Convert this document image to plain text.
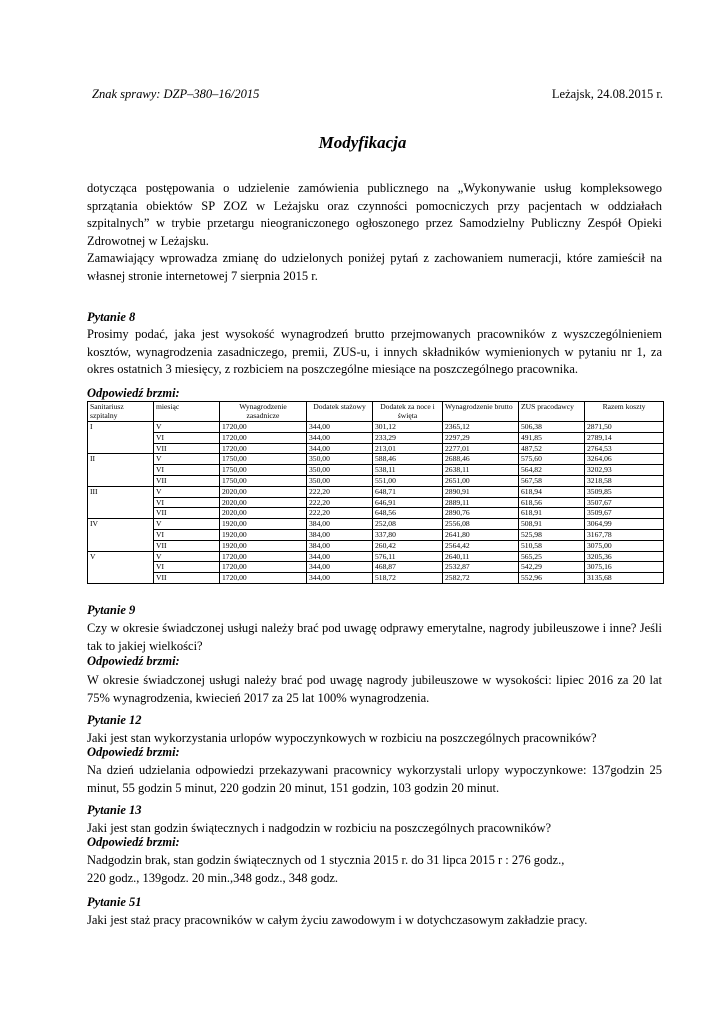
Znak sprawy: DZP–380–16/2015	Leżajsk, 24.08.2015 r.
Modyfikacja

dotycząca postępowania o udzielenie zamówienia publicznego na „Wykonywanie usług kompleksowego sprzątania obiektów SP ZOZ w Leżajsku oraz czynności pomocniczych przy pacjentach w oddziałach szpitalnych” w trybie przetargu nieograniczonego ogłoszonego przez Samodzielny Publiczny Zespół Opieki Zdrowotnej w Leżajsku.

Zamawiający wprowadza zmianę do udzielonych poniżej pytań z zachowaniem numeracji, które zamieścił na własnej stronie internetowej 7 sierpnia 2015 r.

Pytanie 8

Prosimy podać, jaka jest wysokość wynagrodzeń brutto przejmowanych pracowników z wyszczególnieniem kosztów, wynagrodzenia zasadniczego, premii, ZUS-u, i innych składników wymienionych w pytaniu nr 1, za okres ostatnich 3 miesięcy, z rozbiciem na poszczególne miesiące na poszczególnego pracownika.

Odpowiedź brzmi:
Sanitariusz szpitalny	miesiąc	Wynagrodzenie zasadnicze	Dodatek stażowy	Dodatek za noce i święta	Wynagrodzenie brutto	ZUS pracodawcy	Razem koszty
I	V	1720,00	344,00	301,12	2365,12	506,38	2871,50
	VI	1720,00	344,00	233,29	2297,29	491,85	2789,14
	VII	1720,00	344,00	213,01	2277,01	487,52	2764,53
II	V	1750,00	350,00	588,46	2688,46	575,60	3264,06
	VI	1750,00	350,00	538,11	2638,11	564,82	3202,93
	VII	1750,00	350,00	551,00	2651,00	567,58	3218,58
III	V	2020,00	222,20	648,71	2890,91	618,94	3509,85
	VI	2020,00	222,20	646,91	2889,11	618,56	3507,67
	VII	2020,00	222,20	648,56	2890,76	618,91	3509,67
IV	V	1920,00	384,00	252,08	2556,08	508,91	3064,99
	VI	1920,00	384,00	337,80	2641,80	525,98	3167,78
	VII	1920,00	384,00	260,42	2564,42	510,58	3075,00
V	V	1720,00	344,00	576,11	2640,11	565,25	3205,36
	VI	1720,00	344,00	468,87	2532,87	542,29	3075,16
	VII	1720,00	344,00	518,72	2582,72	552,96	3135,68
Pytanie 9

Czy w okresie świadczonej usługi należy brać pod uwagę odprawy emerytalne, nagrody jubileuszowe i inne? Jeśli tak to jakiej wielkości?

Odpowiedź brzmi:

W okresie świadczonej usługi należy brać pod uwagę nagrody jubileuszowe w wysokości: lipiec 2016 za 20 lat 75% wynagrodzenia, kwiecień 2017 za 25 lat 100% wynagrodzenia.

Pytanie 12

Jaki jest stan wykorzystania urlopów wypoczynkowych w rozbiciu na poszczególnych pracowników?

Odpowiedź brzmi:

Na dzień udzielania odpowiedzi przekazywani pracownicy wykorzystali urlopy wypoczynkowe: 137godzin 25 minut, 55 godzin 5 minut, 220 godzin 20 minut, 151 godzin, 103 godzin 20 minut.

Pytanie 13

Jaki jest stan godzin świątecznych i nadgodzin w rozbiciu na poszczególnych pracowników?

Odpowiedź brzmi:

Nadgodzin brak, stan godzin świątecznych od 1 stycznia 2015 r. do 31 lipca 2015 r : 276 godz.,

220 godz., 139godz. 20 min.,348 godz., 348 godz.

Pytanie 51

Jaki jest staż pracy pracowników w całym życiu zawodowym i w dotychczasowym zakładzie pracy.
